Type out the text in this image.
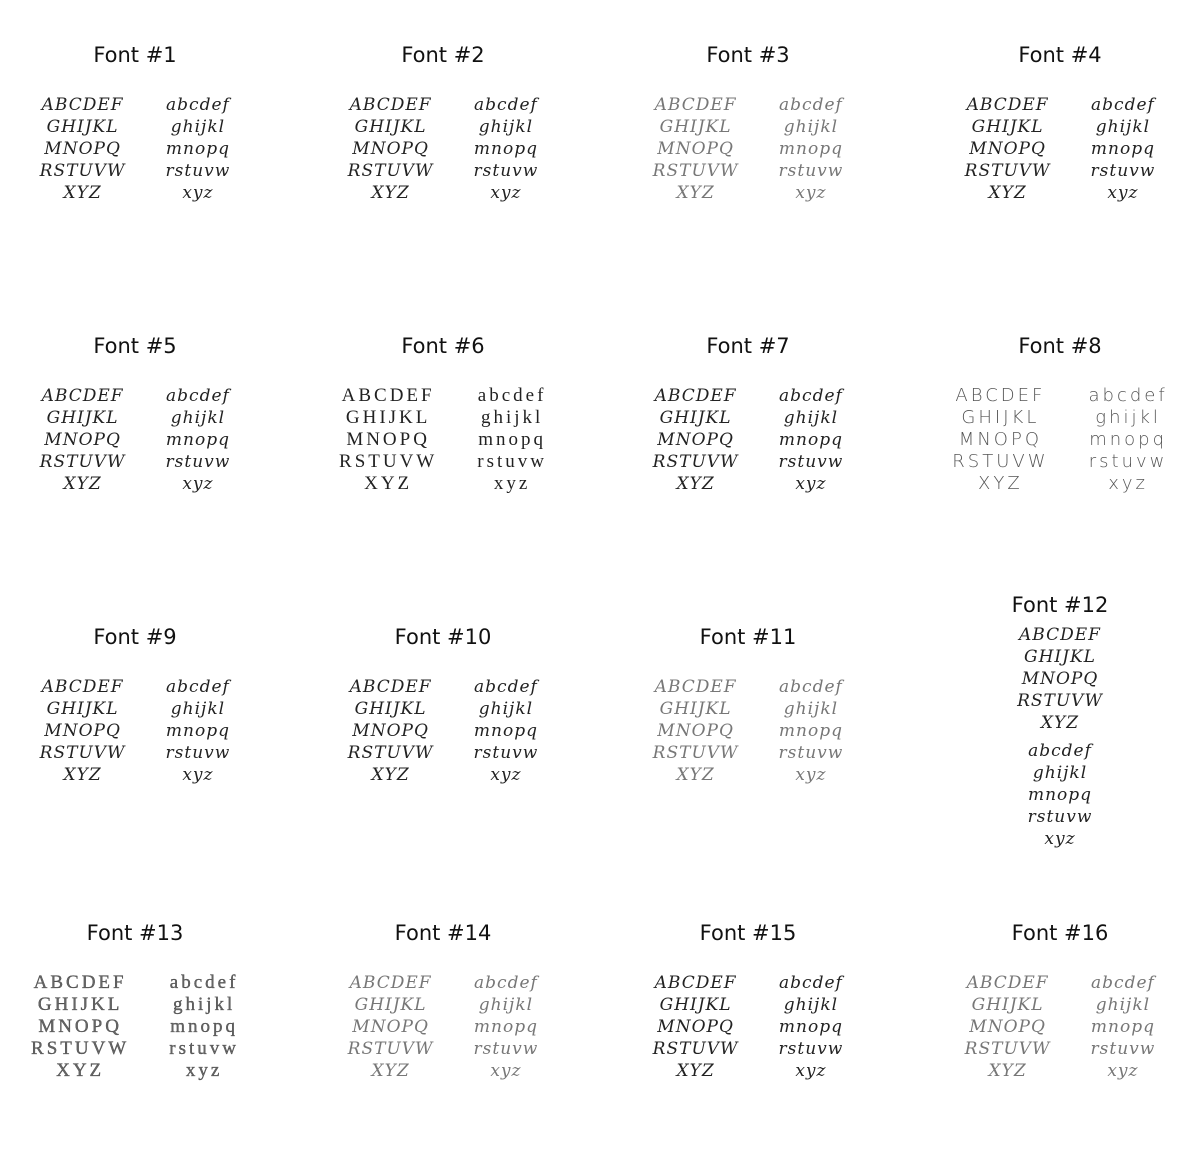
Font #1
ABCDEF
GHIJKL
MNOPQ
RSTUVW
XYZ
abcdef
ghijkl
mnopq
rstuvw
xyz
Font #2
ABCDEF
GHIJKL
MNOPQ
RSTUVW
XYZ
abcdef
ghijkl
mnopq
rstuvw
xyz
Font #3
ABCDEF
GHIJKL
MNOPQ
RSTUVW
XYZ
abcdef
ghijkl
mnopq
rstuvw
xyz
Font #4
ABCDEF
GHIJKL
MNOPQ
RSTUVW
XYZ
abcdef
ghijkl
mnopq
rstuvw
xyz
Font #5
ABCDEF
GHIJKL
MNOPQ
RSTUVW
XYZ
abcdef
ghijkl
mnopq
rstuvw
xyz
Font #6
ABCDEF
GHIJKL
MNOPQ
RSTUVW
XYZ
abcdef
ghijkl
mnopq
rstuvw
xyz
Font #7
ABCDEF
GHIJKL
MNOPQ
RSTUVW
XYZ
abcdef
ghijkl
mnopq
rstuvw
xyz
Font #8
ABCDEF
GHIJKL
MNOPQ
RSTUVW
XYZ
abcdef
ghijkl
mnopq
rstuvw
xyz
Font #9
ABCDEF
GHIJKL
MNOPQ
RSTUVW
XYZ
abcdef
ghijkl
mnopq
rstuvw
xyz
Font #10
ABCDEF
GHIJKL
MNOPQ
RSTUVW
XYZ
abcdef
ghijkl
mnopq
rstuvw
xyz
Font #11
ABCDEF
GHIJKL
MNOPQ
RSTUVW
XYZ
abcdef
ghijkl
mnopq
rstuvw
xyz
Font #12
ABCDEF
GHIJKL
MNOPQ
RSTUVW
XYZ
abcdef
ghijkl
mnopq
rstuvw
xyz
Font #13
ABCDEF
GHIJKL
MNOPQ
RSTUVW
XYZ
abcdef
ghijkl
mnopq
rstuvw
xyz
Font #14
ABCDEF
GHIJKL
MNOPQ
RSTUVW
XYZ
abcdef
ghijkl
mnopq
rstuvw
xyz
Font #15
ABCDEF
GHIJKL
MNOPQ
RSTUVW
XYZ
abcdef
ghijkl
mnopq
rstuvw
xyz
Font #16
ABCDEF
GHIJKL
MNOPQ
RSTUVW
XYZ
abcdef
ghijkl
mnopq
rstuvw
xyz
